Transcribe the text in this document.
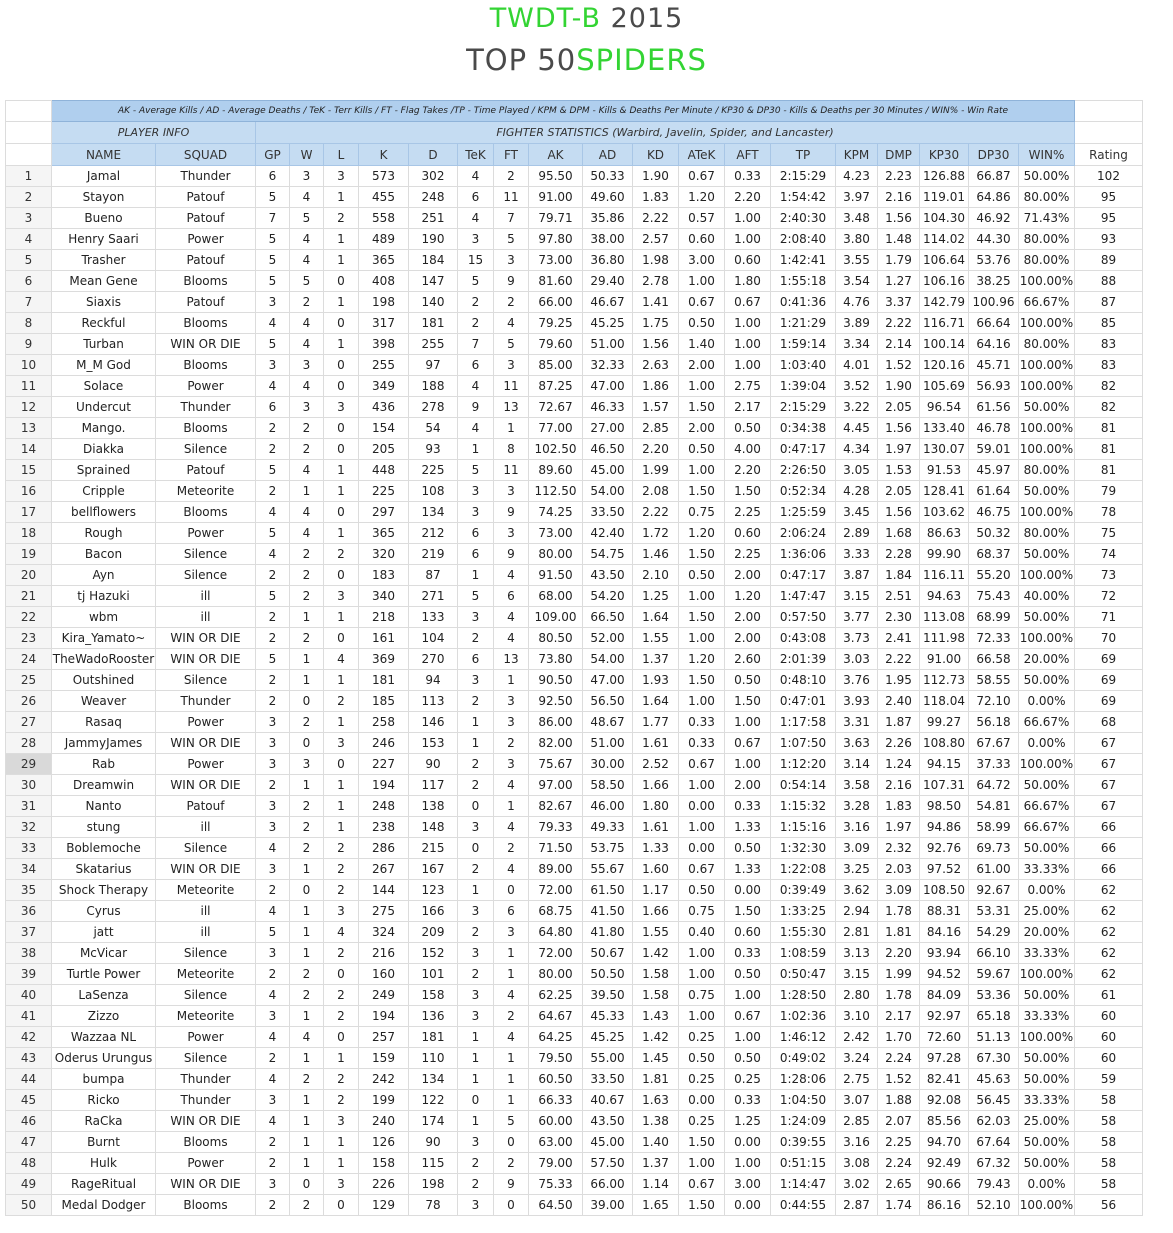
TWDT-B 2015
TOP 50SPIDERS
	AK - Average Kills / AD - Average Deaths / TeK - Terr Kills / FT - Flag Takes /TP - Time Played / KPM & DPM - Kills & Deaths Per Minute / KP30 & DP30 - Kills & Deaths per 30 Minutes / WIN% - Win Rate																				
	PLAYER INFO		FIGHTER STATISTICS (Warbird, Javelin, Spider, and Lancaster)																		
	NAME	SQUAD	GP	W	L	K	D	TeK	FT	AK	AD	KD	ATeK	AFT	TP	KPM	DMP	KP30	DP30	WIN%	Rating
1	Jamal	Thunder	6	3	3	573	302	4	2	95.50	50.33	1.90	0.67	0.33	2:15:29	4.23	2.23	126.88	66.87	50.00%	102
2	Stayon	Patouf	5	4	1	455	248	6	11	91.00	49.60	1.83	1.20	2.20	1:54:42	3.97	2.16	119.01	64.86	80.00%	95
3	Bueno	Patouf	7	5	2	558	251	4	7	79.71	35.86	2.22	0.57	1.00	2:40:30	3.48	1.56	104.30	46.92	71.43%	95
4	Henry Saari	Power	5	4	1	489	190	3	5	97.80	38.00	2.57	0.60	1.00	2:08:40	3.80	1.48	114.02	44.30	80.00%	93
5	Trasher	Patouf	5	4	1	365	184	15	3	73.00	36.80	1.98	3.00	0.60	1:42:41	3.55	1.79	106.64	53.76	80.00%	89
6	Mean Gene	Blooms	5	5	0	408	147	5	9	81.60	29.40	2.78	1.00	1.80	1:55:18	3.54	1.27	106.16	38.25	100.00%	88
7	Siaxis	Patouf	3	2	1	198	140	2	2	66.00	46.67	1.41	0.67	0.67	0:41:36	4.76	3.37	142.79	100.96	66.67%	87
8	Reckful	Blooms	4	4	0	317	181	2	4	79.25	45.25	1.75	0.50	1.00	1:21:29	3.89	2.22	116.71	66.64	100.00%	85
9	Turban	WIN OR DIE	5	4	1	398	255	7	5	79.60	51.00	1.56	1.40	1.00	1:59:14	3.34	2.14	100.14	64.16	80.00%	83
10	M_M God	Blooms	3	3	0	255	97	6	3	85.00	32.33	2.63	2.00	1.00	1:03:40	4.01	1.52	120.16	45.71	100.00%	83
11	Solace	Power	4	4	0	349	188	4	11	87.25	47.00	1.86	1.00	2.75	1:39:04	3.52	1.90	105.69	56.93	100.00%	82
12	Undercut	Thunder	6	3	3	436	278	9	13	72.67	46.33	1.57	1.50	2.17	2:15:29	3.22	2.05	96.54	61.56	50.00%	82
13	Mango.	Blooms	2	2	0	154	54	4	1	77.00	27.00	2.85	2.00	0.50	0:34:38	4.45	1.56	133.40	46.78	100.00%	81
14	Diakka	Silence	2	2	0	205	93	1	8	102.50	46.50	2.20	0.50	4.00	0:47:17	4.34	1.97	130.07	59.01	100.00%	81
15	Sprained	Patouf	5	4	1	448	225	5	11	89.60	45.00	1.99	1.00	2.20	2:26:50	3.05	1.53	91.53	45.97	80.00%	81
16	Cripple	Meteorite	2	1	1	225	108	3	3	112.50	54.00	2.08	1.50	1.50	0:52:34	4.28	2.05	128.41	61.64	50.00%	79
17	bellflowers	Blooms	4	4	0	297	134	3	9	74.25	33.50	2.22	0.75	2.25	1:25:59	3.45	1.56	103.62	46.75	100.00%	78
18	Rough	Power	5	4	1	365	212	6	3	73.00	42.40	1.72	1.20	0.60	2:06:24	2.89	1.68	86.63	50.32	80.00%	75
19	Bacon	Silence	4	2	2	320	219	6	9	80.00	54.75	1.46	1.50	2.25	1:36:06	3.33	2.28	99.90	68.37	50.00%	74
20	Ayn	Silence	2	2	0	183	87	1	4	91.50	43.50	2.10	0.50	2.00	0:47:17	3.87	1.84	116.11	55.20	100.00%	73
21	tj Hazuki	ill	5	2	3	340	271	5	6	68.00	54.20	1.25	1.00	1.20	1:47:47	3.15	2.51	94.63	75.43	40.00%	72
22	wbm	ill	2	1	1	218	133	3	4	109.00	66.50	1.64	1.50	2.00	0:57:50	3.77	2.30	113.08	68.99	50.00%	71
23	Kira_Yamato~	WIN OR DIE	2	2	0	161	104	2	4	80.50	52.00	1.55	1.00	2.00	0:43:08	3.73	2.41	111.98	72.33	100.00%	70
24	TheWadoRooster	WIN OR DIE	5	1	4	369	270	6	13	73.80	54.00	1.37	1.20	2.60	2:01:39	3.03	2.22	91.00	66.58	20.00%	69
25	Outshined	Silence	2	1	1	181	94	3	1	90.50	47.00	1.93	1.50	0.50	0:48:10	3.76	1.95	112.73	58.55	50.00%	69
26	Weaver	Thunder	2	0	2	185	113	2	3	92.50	56.50	1.64	1.00	1.50	0:47:01	3.93	2.40	118.04	72.10	0.00%	69
27	Rasaq	Power	3	2	1	258	146	1	3	86.00	48.67	1.77	0.33	1.00	1:17:58	3.31	1.87	99.27	56.18	66.67%	68
28	JammyJames	WIN OR DIE	3	0	3	246	153	1	2	82.00	51.00	1.61	0.33	0.67	1:07:50	3.63	2.26	108.80	67.67	0.00%	67
29	Rab	Power	3	3	0	227	90	2	3	75.67	30.00	2.52	0.67	1.00	1:12:20	3.14	1.24	94.15	37.33	100.00%	67
30	Dreamwin	WIN OR DIE	2	1	1	194	117	2	4	97.00	58.50	1.66	1.00	2.00	0:54:14	3.58	2.16	107.31	64.72	50.00%	67
31	Nanto	Patouf	3	2	1	248	138	0	1	82.67	46.00	1.80	0.00	0.33	1:15:32	3.28	1.83	98.50	54.81	66.67%	67
32	stung	ill	3	2	1	238	148	3	4	79.33	49.33	1.61	1.00	1.33	1:15:16	3.16	1.97	94.86	58.99	66.67%	66
33	Boblemoche	Silence	4	2	2	286	215	0	2	71.50	53.75	1.33	0.00	0.50	1:32:30	3.09	2.32	92.76	69.73	50.00%	66
34	Skatarius	WIN OR DIE	3	1	2	267	167	2	4	89.00	55.67	1.60	0.67	1.33	1:22:08	3.25	2.03	97.52	61.00	33.33%	66
35	Shock Therapy	Meteorite	2	0	2	144	123	1	0	72.00	61.50	1.17	0.50	0.00	0:39:49	3.62	3.09	108.50	92.67	0.00%	62
36	Cyrus	ill	4	1	3	275	166	3	6	68.75	41.50	1.66	0.75	1.50	1:33:25	2.94	1.78	88.31	53.31	25.00%	62
37	jatt	ill	5	1	4	324	209	2	3	64.80	41.80	1.55	0.40	0.60	1:55:30	2.81	1.81	84.16	54.29	20.00%	62
38	McVicar	Silence	3	1	2	216	152	3	1	72.00	50.67	1.42	1.00	0.33	1:08:59	3.13	2.20	93.94	66.10	33.33%	62
39	Turtle Power	Meteorite	2	2	0	160	101	2	1	80.00	50.50	1.58	1.00	0.50	0:50:47	3.15	1.99	94.52	59.67	100.00%	62
40	LaSenza	Silence	4	2	2	249	158	3	4	62.25	39.50	1.58	0.75	1.00	1:28:50	2.80	1.78	84.09	53.36	50.00%	61
41	Zizzo	Meteorite	3	1	2	194	136	3	2	64.67	45.33	1.43	1.00	0.67	1:02:36	3.10	2.17	92.97	65.18	33.33%	60
42	Wazzaa NL	Power	4	4	0	257	181	1	4	64.25	45.25	1.42	0.25	1.00	1:46:12	2.42	1.70	72.60	51.13	100.00%	60
43	Oderus Urungus	Silence	2	1	1	159	110	1	1	79.50	55.00	1.45	0.50	0.50	0:49:02	3.24	2.24	97.28	67.30	50.00%	60
44	bumpa	Thunder	4	2	2	242	134	1	1	60.50	33.50	1.81	0.25	0.25	1:28:06	2.75	1.52	82.41	45.63	50.00%	59
45	Ricko	Thunder	3	1	2	199	122	0	1	66.33	40.67	1.63	0.00	0.33	1:04:50	3.07	1.88	92.08	56.45	33.33%	58
46	RaCka	WIN OR DIE	4	1	3	240	174	1	5	60.00	43.50	1.38	0.25	1.25	1:24:09	2.85	2.07	85.56	62.03	25.00%	58
47	Burnt	Blooms	2	1	1	126	90	3	0	63.00	45.00	1.40	1.50	0.00	0:39:55	3.16	2.25	94.70	67.64	50.00%	58
48	Hulk	Power	2	1	1	158	115	2	2	79.00	57.50	1.37	1.00	1.00	0:51:15	3.08	2.24	92.49	67.32	50.00%	58
49	RageRitual	WIN OR DIE	3	0	3	226	198	2	9	75.33	66.00	1.14	0.67	3.00	1:14:47	3.02	2.65	90.66	79.43	0.00%	58
50	Medal Dodger	Blooms	2	2	0	129	78	3	0	64.50	39.00	1.65	1.50	0.00	0:44:55	2.87	1.74	86.16	52.10	100.00%	56
